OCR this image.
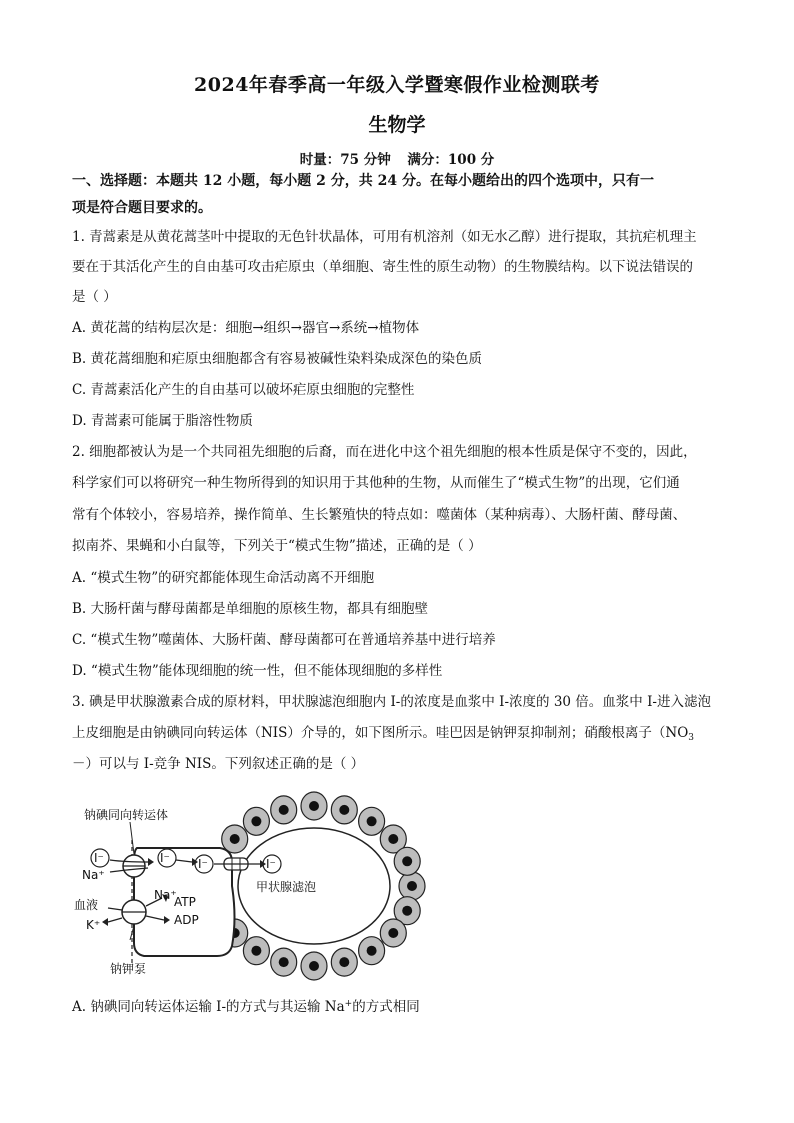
2024年春季高一年级入学暨寒假作业检测联考
生物学
时量：75 分钟 满分：100 分
一、选择题：本题共 12 小题，每小题 2 分，共 24 分。在每小题给出的四个选项中，只有一
项是符合题目要求的。
1. 青蒿素是从黄花蒿茎叶中提取的无色针状晶体，可用有机溶剂（如无水乙醇）进行提取，其抗疟机理主
要在于其活化产生的自由基可攻击疟原虫（单细胞、寄生性的原生动物）的生物膜结构。以下说法错误的
是（ ）
A. 黄花蒿的结构层次是：细胞→组织→器官→系统→植物体
B. 黄花蒿细胞和疟原虫细胞都含有容易被碱性染料染成深色的染色质
C. 青蒿素活化产生的自由基可以破坏疟原虫细胞的完整性
D. 青蒿素可能属于脂溶性物质
2. 细胞都被认为是一个共同祖先细胞的后裔，而在进化中这个祖先细胞的根本性质是保守不变的，因此，
科学家们可以将研究一种生物所得到的知识用于其他种的生物，从而催生了“模式生物”的出现，它们通
常有个体较小，容易培养，操作简单、生长繁殖快的特点如：噬菌体（某种病毒）、大肠杆菌、酵母菌、
拟南芥、果蝇和小白鼠等，下列关于“模式生物”描述，正确的是（ ）
A. “模式生物”的研究都能体现生命活动离不开细胞
B. 大肠杆菌与酵母菌都是单细胞的原核生物，都具有细胞壁
C. “模式生物”噬菌体、大肠杆菌、酵母菌都可在普通培养基中进行培养
D. “模式生物”能体现细胞的统一性，但不能体现细胞的多样性
3. 碘是甲状腺激素合成的原材料，甲状腺滤泡细胞内 I-的浓度是血浆中 I-浓度的 30 倍。血浆中 I-进入滤泡
上皮细胞是由钠碘同向转运体（NIS）介导的，如下图所示。哇巴因是钠钾泵抑制剂；硝酸根离子（$NO_3$
－）可以与 I-竞争 NIS。下列叙述正确的是（ ）
钠碘同向转运体
I⁻	I⁻ I⁻	I⁻
Na⁺
Na⁺
ATP
ADP
血液
K⁺
钠钾泵
甲状腺滤泡
A. 钠碘同向转运体运输 I-的方式与其运输 Na+的方式相同
